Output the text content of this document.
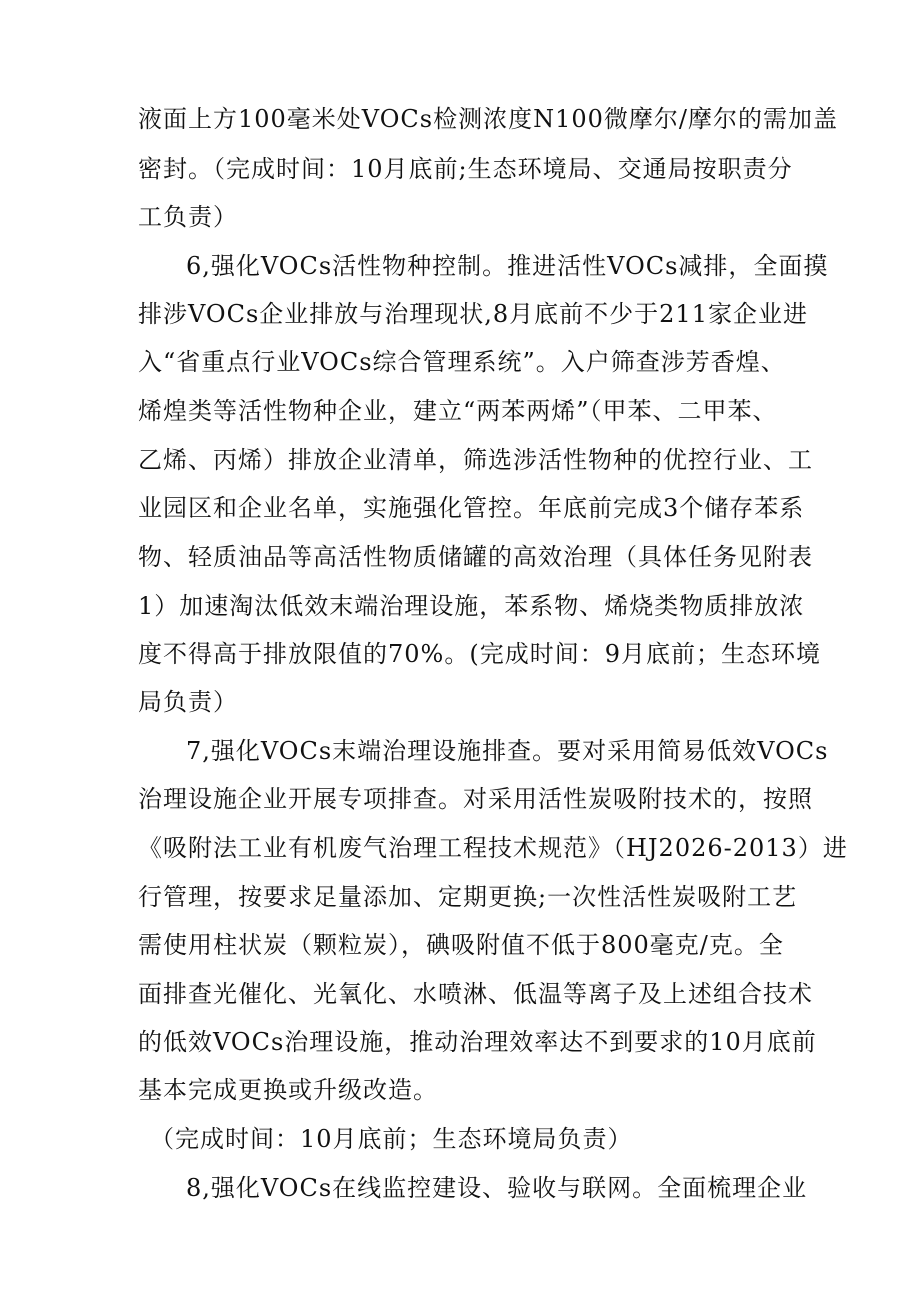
液面上方100毫米处VOCs检测浓度N100微摩尔/摩尔的需加盖
密封。（完成时间：10月底前;生态环境局、交通局按职责分
工负责）
6,强化VOCs活性物种控制。推进活性VOCs减排，全面摸
排涉VOCs企业排放与治理现状,8月底前不少于211家企业进
入“省重点行业VOCs综合管理系统”。入户筛查涉芳香煌、
烯煌类等活性物种企业，建立“两苯两烯”（甲苯、二甲苯、
乙烯、丙烯）排放企业清单，筛选涉活性物种的优控行业、工
业园区和企业名单，实施强化管控。年底前完成3个储存苯系
物、轻质油品等高活性物质储罐的高效治理（具体任务见附表
1）加速淘汰低效末端治理设施，苯系物、烯烧类物质排放浓
度不得高于排放限值的70%。(完成时间：9月底前；生态环境
局负责）
7,强化VOCs末端治理设施排查。要对采用简易低效VOCs
治理设施企业开展专项排查。对采用活性炭吸附技术的，按照
《吸附法工业有机废气治理工程技术规范》（HJ2026-2013）进
行管理，按要求足量添加、定期更换;一次性活性炭吸附工艺
需使用柱状炭（颗粒炭），碘吸附值不低于800毫克/克。全
面排查光催化、光氧化、水喷淋、低温等离子及上述组合技术
的低效VOCs治理设施，推动治理效率达不到要求的10月底前
基本完成更换或升级改造。
（完成时间：10月底前；生态环境局负责）
8,强化VOCs在线监控建设、验收与联网。全面梳理企业
